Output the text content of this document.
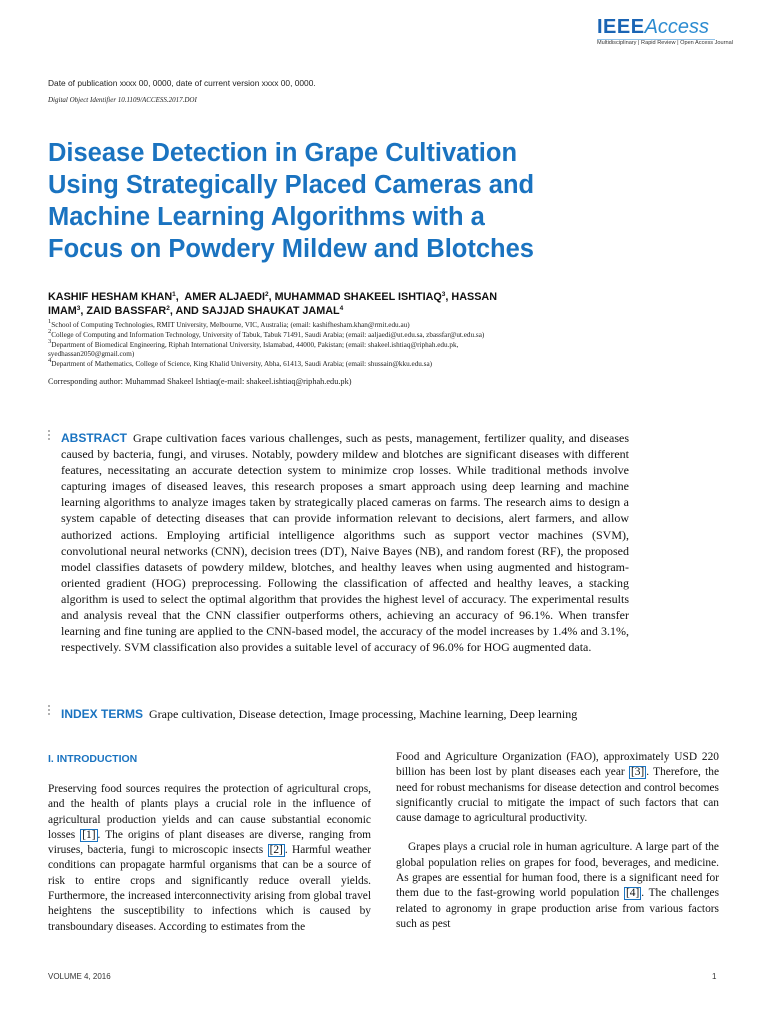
IEEEAccess
Multidisciplinary | Rapid Review | Open Access Journal
Date of publication xxxx 00, 0000, date of current version xxxx 00, 0000.
Digital Object Identifier 10.1109/ACCESS.2017.DOI
Disease Detection in Grape Cultivation
Using Strategically Placed Cameras and
Machine Learning Algorithms with a
Focus on Powdery Mildew and Blotches
KASHIF HESHAM KHAN$^1$,  AMER ALJAEDI$^2$, MUHAMMAD SHAKEEL ISHTIAQ$^3$, HASSAN
IMAM$^3$, ZAID BASSFAR$^2$, AND SAJJAD SHAUKAT JAMAL$^4$
$^1$School of Computing Technologies, RMIT University, Melbourne, VIC, Australia; (email: kashifhesham.khan@rmit.edu.au)
$^2$College of Computing and Information Technology, University of Tabuk, Tabuk 71491, Saudi Arabia; (email: aaljaedi@ut.edu.sa, zbassfar@ut.edu.sa)
$^3$Department of Biomedical Engineering, Riphah International University, Islamabad, 44000, Pakistan; (email: shakeel.ishtiaq@riphah.edu.pk,
syedhassan2050@gmail.com)
$^4$Department of Mathematics, College of Science, King Khalid University, Abha, 61413, Saudi Arabia; (email: shussain@kku.edu.sa)
Corresponding author: Muhammad Shakeel Ishtiaq(e-mail: shakeel.ishtiaq@riphah.edu.pk)
ABSTRACT Grape cultivation faces various challenges, such as pests, management, fertilizer quality, and diseases caused by bacteria, fungi, and viruses. Notably, powdery mildew and blotches are significant diseases with different features, necessitating an accurate detection system to minimize crop losses. While traditional methods involve capturing images of diseased leaves, this research proposes a smart approach using deep learning and machine learning algorithms to analyze images taken by strategically placed cameras on farms. The research aims to design a system capable of detecting diseases that can provide information relevant to decisions, alert farmers, and allow authorized actions. Employing artificial intelligence algorithms such as support vector machines (SVM), convolutional neural networks (CNN), decision trees (DT), Naive Bayes (NB), and random forest (RF), the proposed model classifies datasets of powdery mildew, blotches, and healthy leaves when using augmented and histogram-oriented gradient (HOG) preprocessing. Following the classification of affected and healthy leaves, a stacking algorithm is used to select the optimal algorithm that provides the highest level of accuracy. The experimental results and analysis reveal that the CNN classifier outperforms others, achieving an accuracy of 96.1%. When transfer learning and fine tuning are applied to the CNN-based model, the accuracy of the model increases by 1.4% and 3.1%, respectively. SVM classification also provides a suitable level of accuracy of 96.0% for HOG augmented data.
INDEX TERMS Grape cultivation, Disease detection, Image processing, Machine learning, Deep learning
I. INTRODUCTION
Preserving food sources requires the protection of agricultural crops, and the health of plants plays a crucial role in the influence of agricultural production yields and can cause substantial economic losses [1] . The origins of plant diseases are diverse, ranging from viruses, bacteria, fungi to microscopic insects [2] . Harmful weather conditions can propagate harmful organisms that can be a source of risk to entire crops and significantly reduce overall yields. Furthermore, the increased interconnectivity arising from global travel heightens the susceptibility to infections which is caused by transboundary diseases. According to estimates from the
Food and Agriculture Organization (FAO), approximately USD 220 billion has been lost by plant diseases each year [3] . Therefore, the need for robust mechanisms for disease detection and control becomes significantly crucial to mitigate the impact of such factors that can cause damage to agricultural productivity.
Grapes plays a crucial role in human agriculture. A large part of the global population relies on grapes for food, beverages, and medicine. As grapes are essential for human food, there is a significant need for them due to the fast-growing world population [4] . The challenges related to agronomy in grape production arise from various factors such as pest
VOLUME 4, 2016	1
